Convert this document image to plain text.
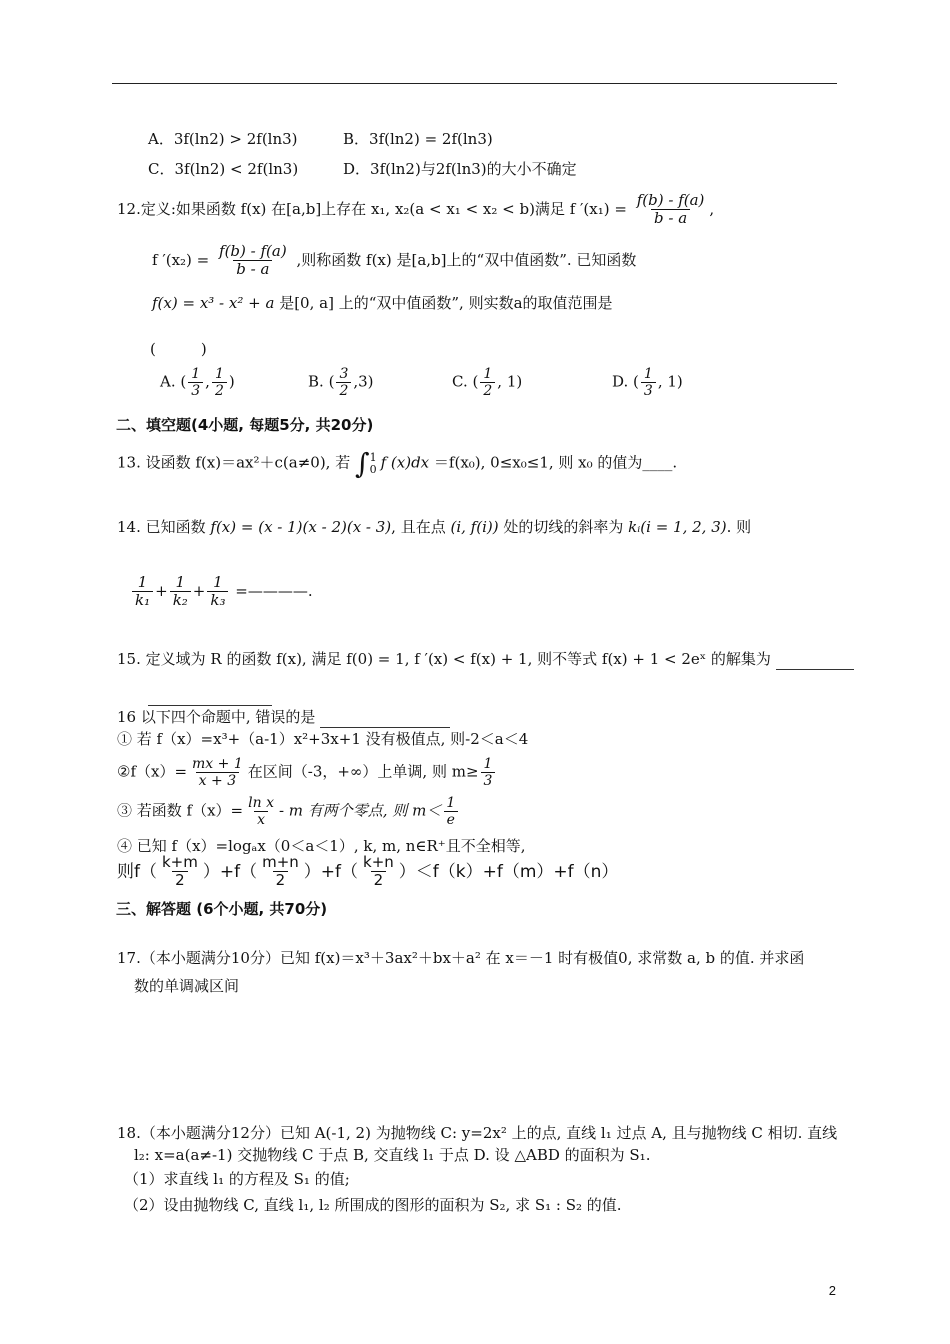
A．3f(ln2) > 2f(ln3)	B．3f(ln2) = 2f(ln3)
C．3f(ln2) < 2f(ln3)	D．3f(ln2)与2f(ln3)的大小不确定
12.定义:如果函数 f(x) 在[a,b]上存在 x₁, x₂(a < x₁ < x₂ < b)满足 f $'(x_1) = \frac{f(b) - f(a)}{b - a}$ ,
f $'(x_2) = \frac{f(b) - f(a)}{b - a}$ ,则称函数 f(x) 是[a,b]上的“双中值函数”. 已知函数
f(x) = x³ - x² + a 是[0, a] 上的“双中值函数”, 则实数a的取值范围是
(　　　)
A. ( $\frac{1}{3}$ , $\frac{1}{2}$ )	B. ( $\frac{3}{2} ,3$)	C. ( $\frac{1}{2}$ , 1)	D. ( $\frac{1}{3}$ , 1)
二、填空题(4小题, 每题5分, 共20分)
13. 设函数 f(x)＝ax²＋c(a≠0), 若 ∫ 1
0 f (x)dx ＝f(x₀), 0≤x₀≤1, 则 x₀ 的值为____.
14. 已知函数 f(x) = (x - 1)(x - 2)(x - 3), 且在点 (i, f(i)) 处的切线的斜率为 kᵢ(i = 1, 2, 3). 则
$\frac{1}{\text{k₁}} + \frac{1}{\text{k₂}} + \frac{1}{\text{k₃}}$ =————.
15. 定义域为 R 的函数 f(x), 满足 f(0) = 1, f ′(x) < f(x) + 1, 则不等式 f(x) + 1 < 2eˣ 的解集为

16 以下四个命题中, 错误的是
① 若 f（x）=x³+（a-1）x²+3x+1 没有极值点, 则-2＜a＜4
②f（x）= $\frac{mx + 1}{x + 3}$ 在区间（-3，+∞）上单调, 则 $m\ge \frac{1}{3}$
③ 若函数 $f(x)= \frac{\text{ln x}}{x} - m$ 有两个零点, 则 $m< \frac{1}{e}$
④ 已知 f（x）=logₐx（0＜a＜1）, k, m, n∈R⁺且不全相等,
则$f( \frac{k+m}{2} )+f( \frac{m+n}{2} )+f( \frac{k+n}{2} )<f(k)+f(m)+f(n)$
三、解答题 (6个小题, 共70分)
17.（本小题满分10分）已知 f(x)＝x³＋3ax²＋bx＋a² 在 x＝－1 时有极值0, 求常数 a, b 的值. 并求函
数的单调减区间
18.（本小题满分12分）已知 A(-1, 2) 为抛物线 C: y=2x² 上的点, 直线 l₁ 过点 A, 且与抛物线 C 相切. 直线
l₂: x=a(a≠-1) 交抛物线 C 于点 B, 交直线 l₁ 于点 D. 设 △ABD 的面积为 S₁.
（1）求直线 l₁ 的方程及 S₁ 的值;
（2）设由抛物线 C, 直线 l₁, l₂ 所围成的图形的面积为 S₂, 求 S₁ : S₂ 的值.
2
